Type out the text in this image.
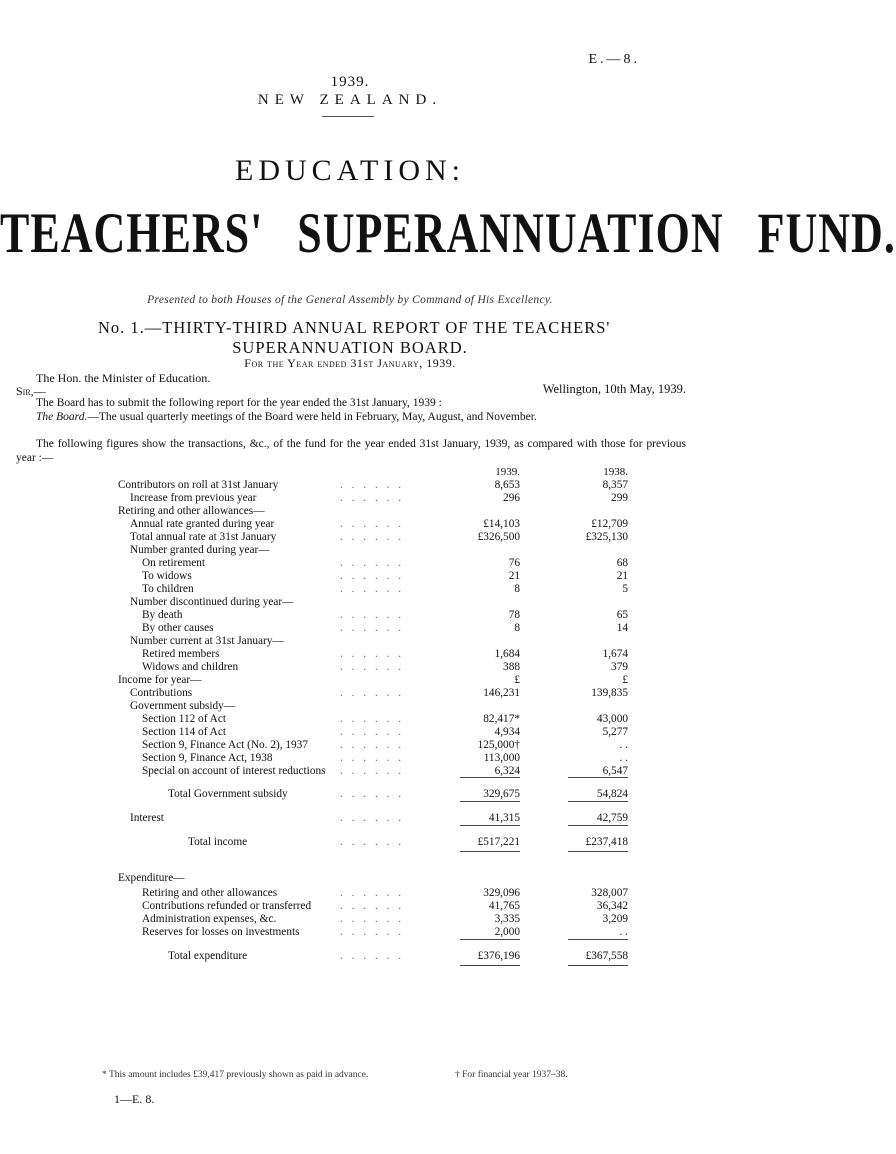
E.—8.
1939.
NEW ZEALAND.
EDUCATION:
TEACHERS' SUPERANNUATION FUND.
Presented to both Houses of the General Assembly by Command of His Excellency.
No. 1.—THIRTY-THIRD ANNUAL REPORT OF THE TEACHERS'
SUPERANNUATION BOARD.
For the Year ended 31st January, 1939.
The Hon. the Minister of Education.
Sir,—	Wellington, 10th May, 1939.
The Board has to submit the following report for the year ended the 31st January, 1939 :
The Board.—The usual quarterly meetings of the Board were held in February, May, August, and November.
The following figures show the transactions, &c., of the fund for the year ended 31st January, 1939, as compared with those for previous year :—
1939.	1938.
Contributors on roll at 31st January	. . . . . .	8,653	8,357
Increase from previous year	. . . . . .	296	299
Retiring and other allowances—
Annual rate granted during year	. . . . . .	£14,103	£12,709
Total annual rate at 31st January	. . . . . .	£326,500	£325,130
Number granted during year—
On retirement	. . . . . .	76	68
To widows	. . . . . .	21	21
To children	. . . . . .	8	5
Number discontinued during year—
By death	. . . . . .	78	65
By other causes	. . . . . .	8	14
Number current at 31st January—
Retired members	. . . . . .	1,684	1,674
Widows and children	. . . . . .	388	379
Income for year—	£	£
Contributions	. . . . . .	146,231	139,835
Government subsidy—
Section 112 of Act	. . . . . .	82,417*	43,000
Section 114 of Act	. . . . . .	4,934	5,277
Section 9, Finance Act (No. 2), 1937	. . . . . .	125,000†	. .
Section 9, Finance Act, 1938	. . . . . .	113,000	. .
Special on account of interest reductions . . . . . .	6,324	6,547
Total Government subsidy	. . . . . .	329,675	54,824
Interest	. . . . . .	41,315	42,759
Total income	. . . . . .	£517,221	£237,418
Expenditure—
Retiring and other allowances	. . . . . .	329,096	328,007
Contributions refunded or transferred	. . . . . .	41,765	36,342
Administration expenses, &c.	. . . . . .	3,335	3,209
Reserves for losses on investments	. . . . . .	2,000	. .
Total expenditure	. . . . . .	£376,196	£367,558
* This amount includes £39,417 previously shown as paid in advance.	† For financial year 1937–38.
1—E. 8.
